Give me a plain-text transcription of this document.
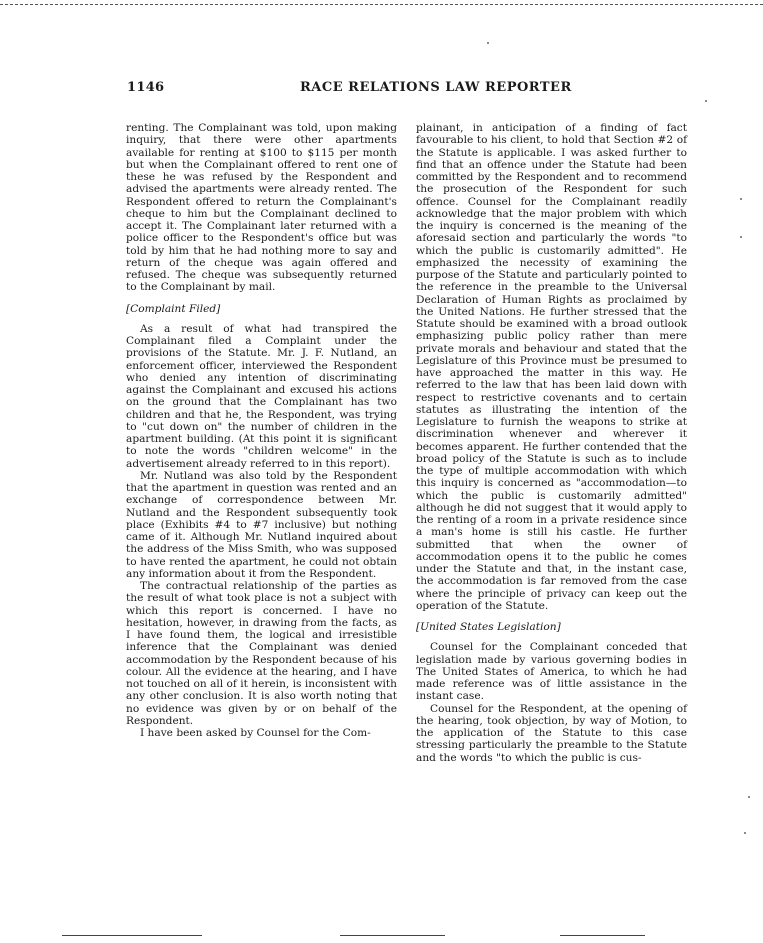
1146	RACE RELATIONS LAW REPORTER

renting. The Complainant was told, upon making inquiry, that there were other apartments available for renting at $100 to $115 per month but when the Complainant offered to rent one of these he was refused by the Respondent and advised the apartments were already rented. The Respondent offered to return the Complainant's cheque to him but the Complainant declined to accept it. The Complainant later returned with a police officer to the Respondent's office but was told by him that he had nothing more to say and return of the cheque was again offered and refused. The cheque was subsequently returned to the Complainant by mail.

[Complaint Filed]

As a result of what had transpired the Complainant filed a Complaint under the provisions of the Statute. Mr. J. F. Nutland, an enforcement officer, interviewed the Respondent who denied any intention of discriminating against the Complainant and excused his actions on the ground that the Complainant has two children and that he, the Respondent, was trying to "cut down on" the number of children in the apartment building. (At this point it is significant to note the words "children welcome" in the advertisement already referred to in this report).

Mr. Nutland was also told by the Respondent that the apartment in question was rented and an exchange of correspondence between Mr. Nutland and the Respondent subsequently took place (Exhibits #4 to #7 inclusive) but nothing came of it. Although Mr. Nutland inquired about the address of the Miss Smith, who was supposed to have rented the apartment, he could not obtain any information about it from the Respondent.

The contractual relationship of the parties as the result of what took place is not a subject with which this report is concerned. I have no hesitation, however, in drawing from the facts, as I have found them, the logical and irresistible inference that the Complainant was denied accommodation by the Respondent because of his colour. All the evidence at the hearing, and I have not touched on all of it herein, is inconsistent with any other conclusion. It is also worth noting that no evidence was given by or on behalf of the Respondent.

I have been asked by Counsel for the Com-

plainant, in anticipation of a finding of fact favourable to his client, to hold that Section #2 of the Statute is applicable. I was asked further to find that an offence under the Statute had been committed by the Respondent and to recommend the prosecution of the Respondent for such offence. Counsel for the Complainant readily acknowledge that the major problem with which the inquiry is concerned is the meaning of the aforesaid section and particularly the words "to which the public is customarily admitted". He emphasized the necessity of examining the purpose of the Statute and particularly pointed to the reference in the preamble to the Universal Declaration of Human Rights as proclaimed by the United Nations. He further stressed that the Statute should be examined with a broad outlook emphasizing public policy rather than mere private morals and behaviour and stated that the Legislature of this Province must be presumed to have approached the matter in this way. He referred to the law that has been laid down with respect to restrictive covenants and to certain statutes as illustrating the intention of the Legislature to furnish the weapons to strike at discrimination whenever and wherever it becomes apparent. He further contended that the broad policy of the Statute is such as to include the type of multiple accommodation with which this inquiry is concerned as "accommodation—to which the public is customarily admitted" although he did not suggest that it would apply to the renting of a room in a private residence since a man's home is still his castle. He further submitted that when the owner of accommodation opens it to the public he comes under the Statute and that, in the instant case, the accommodation is far removed from the case where the principle of privacy can keep out the operation of the Statute.

[United States Legislation]

Counsel for the Complainant conceded that legislation made by various governing bodies in The United States of America, to which he had made reference was of little assistance in the instant case.

Counsel for the Respondent, at the opening of the hearing, took objection, by way of Motion, to the application of the Statute to this case stressing particularly the preamble to the Statute and the words "to which the public is cus-
